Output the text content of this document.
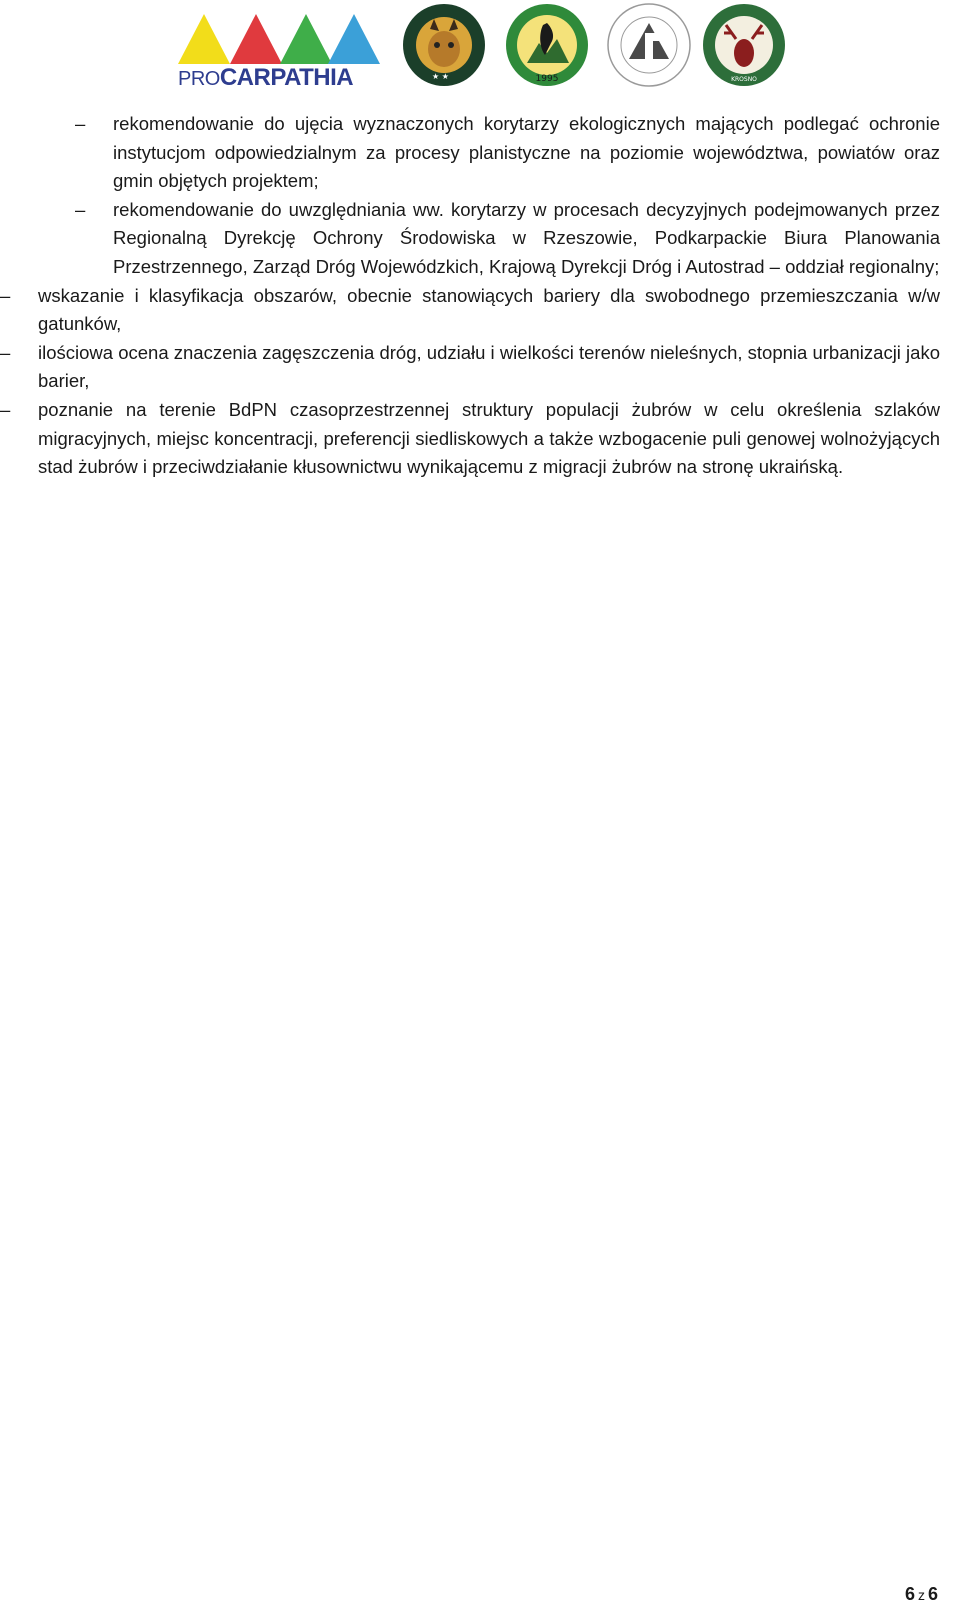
PROCARPATHIA	★ ★	1995	KROSNO

– rekomendowanie do ujęcia wyznaczonych korytarzy ekologicznych mających podlegać ochronie instytucjom odpowiedzialnym za procesy planistyczne na poziomie województwa, powiatów oraz gmin objętych projektem;

– rekomendowanie do uwzględniania ww. korytarzy w procesach decyzyjnych podejmowanych przez Regionalną Dyrekcję Ochrony Środowiska w Rzeszowie, Podkarpackie Biura Planowania Przestrzennego, Zarząd Dróg Wojewódzkich, Krajową Dyrekcji Dróg i Autostrad – oddział regionalny;

– wskazanie i klasyfikacja obszarów, obecnie stanowiących bariery dla swobodnego przemieszczania w/w gatunków,

– ilościowa ocena znaczenia zagęszczenia dróg, udziału i wielkości terenów nieleśnych, stopnia urbanizacji jako barier,

– poznanie na terenie BdPN czasoprzestrzennej struktury populacji żubrów w celu określenia szlaków migracyjnych, miejsc koncentracji, preferencji siedliskowych a także wzbogacenie puli genowej wolnożyjących stad żubrów i przeciwdziałanie kłusownictwu wynikającemu z migracji żubrów na stronę ukraińską.

6 z 6
